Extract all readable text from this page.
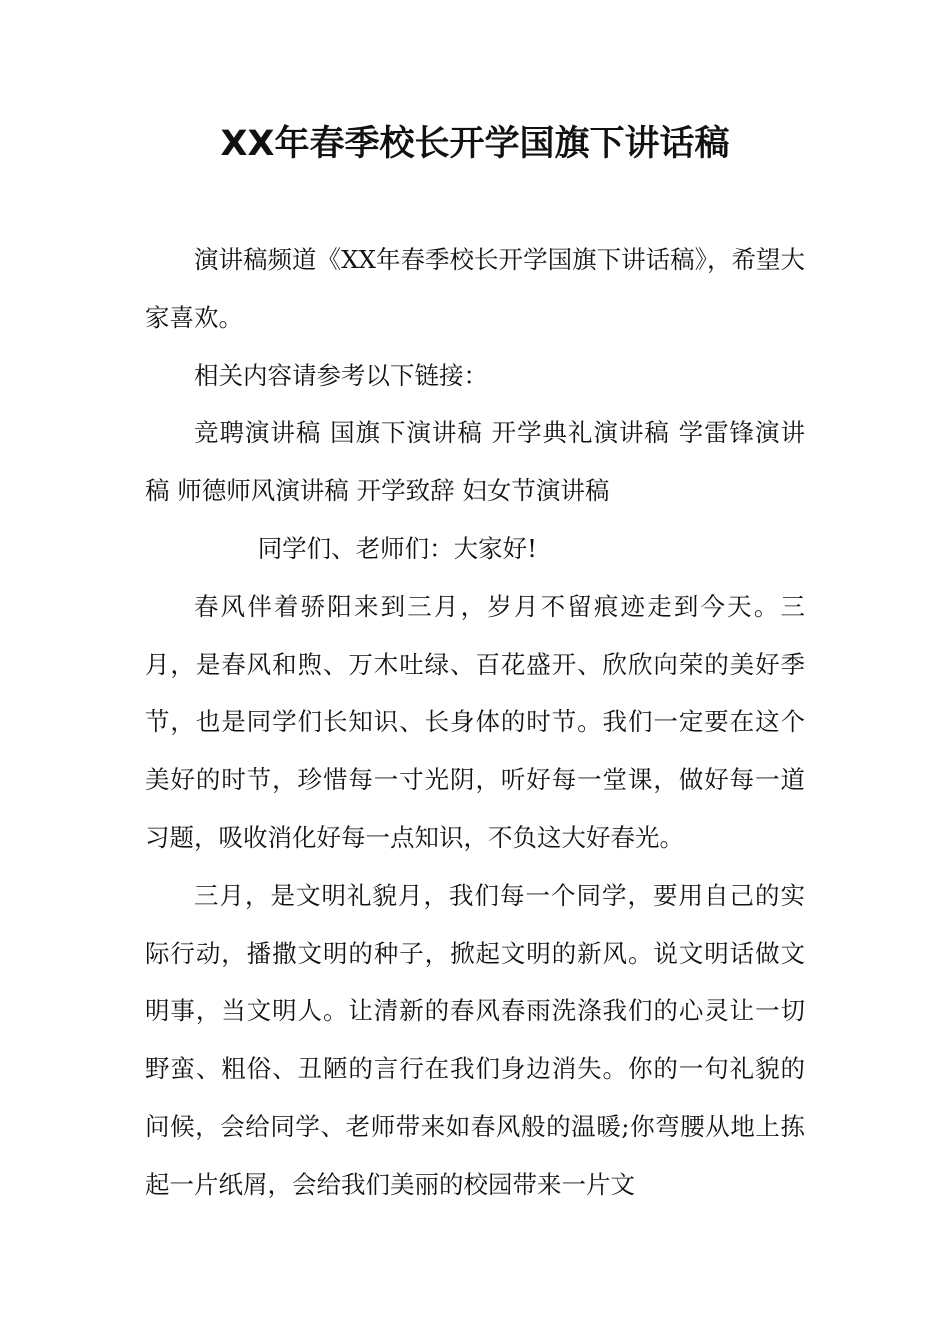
XX年春季校长开学国旗下讲话稿

演讲稿频道《XX年春季校长开学国旗下讲话稿》，希望大家喜欢。

相关内容请参考以下链接：

竞聘演讲稿 国旗下演讲稿 开学典礼演讲稿 学雷锋演讲稿 师德师风演讲稿 开学致辞 妇女节演讲稿

同学们、老师们：大家好!

春风伴着骄阳来到三月，岁月不留痕迹走到今天。三月，是春风和煦、万木吐绿、百花盛开、欣欣向荣的美好季节，也是同学们长知识、长身体的时节。我们一定要在这个美好的时节，珍惜每一寸光阴，听好每一堂课，做好每一道习题，吸收消化好每一点知识，不负这大好春光。

三月，是文明礼貌月，我们每一个同学，要用自己的实际行动，播撒文明的种子，掀起文明的新风。说文明话做文明事，当文明人。让清新的春风春雨洗涤我们的心灵让一切野蛮、粗俗、丑陋的言行在我们身边消失。你的一句礼貌的问候，会给同学、老师带来如春风般的温暖;你弯腰从地上拣起一片纸屑，会给我们美丽的校园带来一片文
